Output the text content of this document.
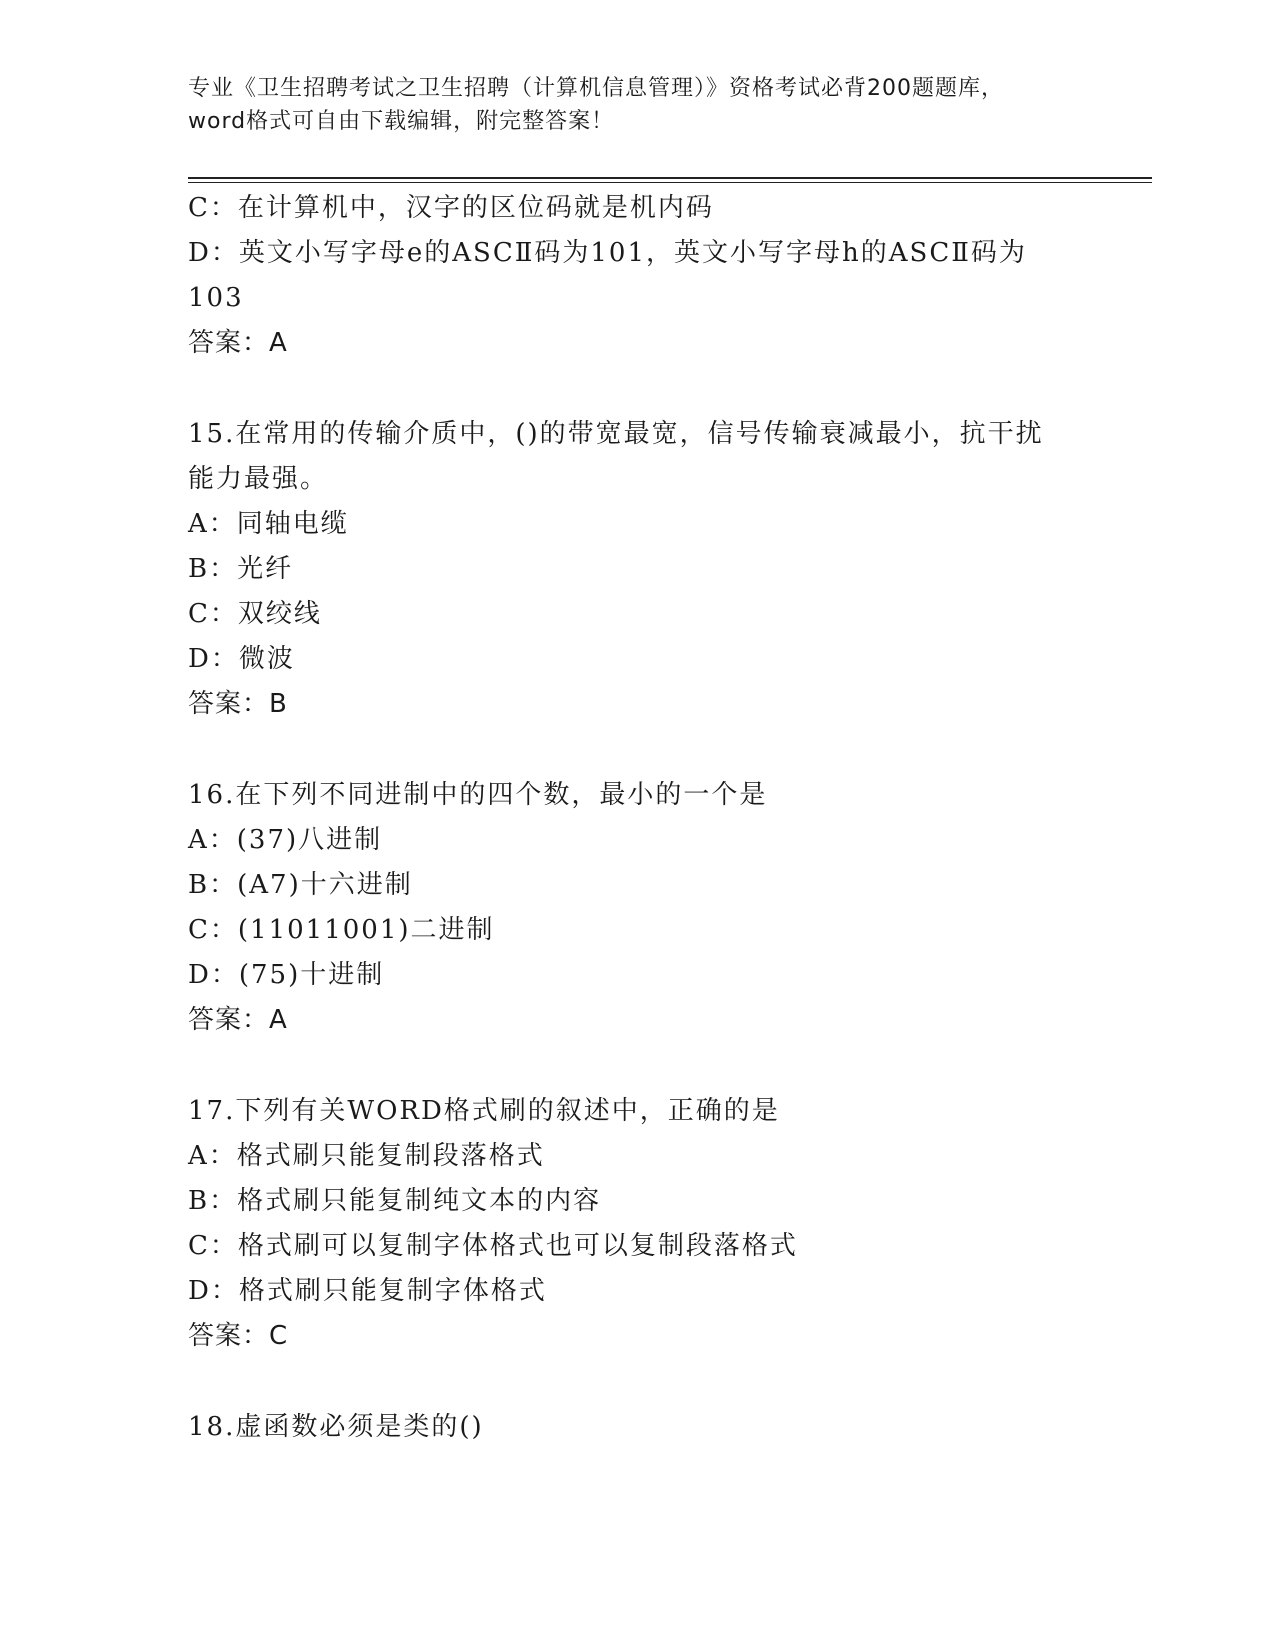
专业《卫生招聘考试之卫生招聘（计算机信息管理）》资格考试必背200题题库，
word格式可自由下载编辑，附完整答案！

C：在计算机中，汉字的区位码就是机内码

D：英文小写字母e的ASCⅡ码为101，英文小写字母h的ASCⅡ码为

103

答案：A

15.在常用的传输介质中，()的带宽最宽，信号传输衰减最小，抗干扰

能力最强。

A：同轴电缆

B：光纤

C：双绞线

D：微波

答案：B

16.在下列不同进制中的四个数，最小的一个是

A：(37)八进制

B：(A7)十六进制

C：(11011001)二进制

D：(75)十进制

答案：A

17.下列有关WORD格式刷的叙述中，正确的是

A：格式刷只能复制段落格式

B：格式刷只能复制纯文本的内容

C：格式刷可以复制字体格式也可以复制段落格式

D：格式刷只能复制字体格式

答案：C

18.虚函数必须是类的()
